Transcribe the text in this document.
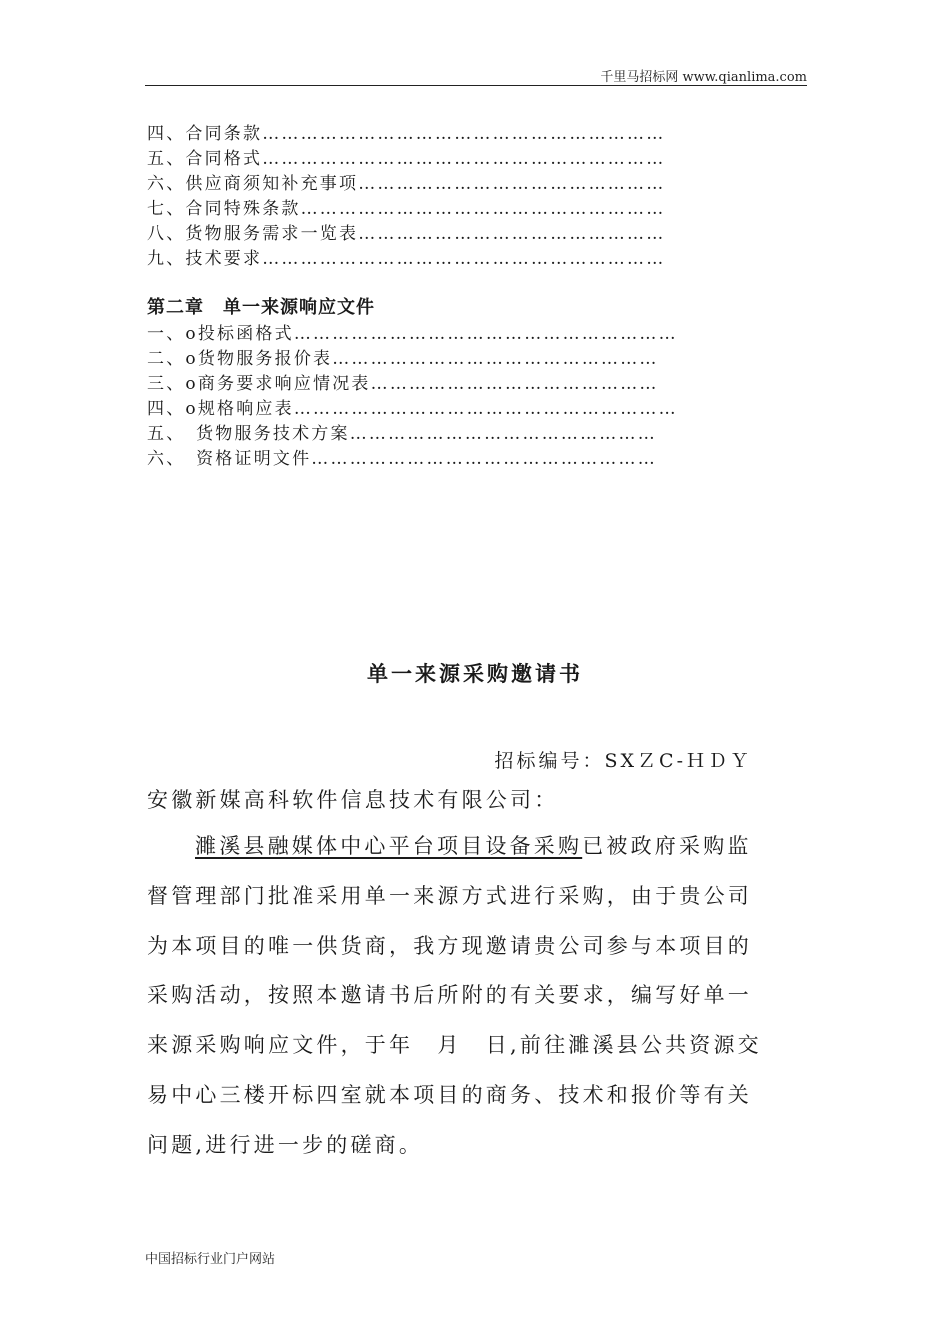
千里马招标网 www.qianlima.com
四、合同条款………………………………………………………
五、合同格式………………………………………………………
六、供应商须知补充事项…………………………………………
七、合同特殊条款…………………………………………………
八、货物服务需求一览表…………………………………………
九、技术要求………………………………………………………
第二章　单一来源响应文件
一、o投标函格式……………………………………………………
二、o货物服务报价表……………………………………………
三、o商务要求响应情况表………………………………………
四、o规格响应表……………………………………………………
五、　货物服务技术方案…………………………………………
六、　资格证明文件………………………………………………
单一来源采购邀请书
招标编号：SXＺC-ＨＤＹ
安徽新媒高科软件信息技术有限公司：
濉溪县融媒体中心平台项目设备采购已被政府采购监
督管理部门批准采用单一来源方式进行采购，由于贵公司
为本项目的唯一供货商，我方现邀请贵公司参与本项目的
采购活动，按照本邀请书后所附的有关要求，编写好单一
来源采购响应文件，于年　月　日,前往濉溪县公共资源交
易中心三楼开标四室就本项目的商务、技术和报价等有关
问题,进行进一步的磋商。
中国招标行业门户网站
